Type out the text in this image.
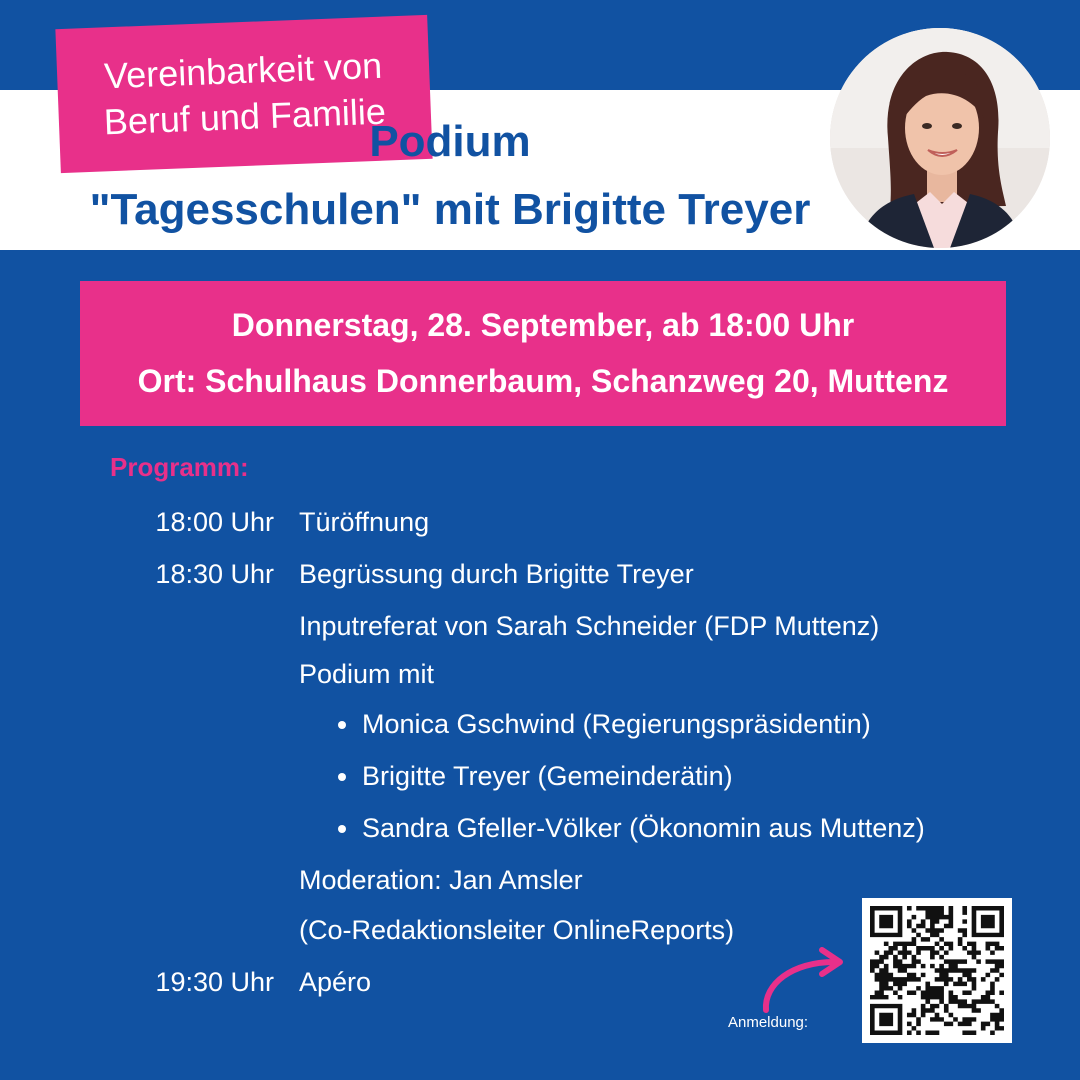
Vereinbarkeit von
Beruf und Familie
Podium
"Tagesschulen" mit Brigitte Treyer
Donnerstag, 28. September, ab 18:00 Uhr
Ort: Schulhaus Donnerbaum, Schanzweg 20, Muttenz
Programm:
18:00 Uhr Türöffnung
18:30 Uhr Begrüssung durch Brigitte Treyer
Inputreferat von Sarah Schneider (FDP Muttenz)
Podium mit
Monica Gschwind (Regierungspräsidentin)
Brigitte Treyer (Gemeinderätin)
Sandra Gfeller-Völker (Ökonomin aus Muttenz)
Moderation: Jan Amsler
(Co-Redaktionsleiter OnlineReports)
19:30 Uhr Apéro
Anmeldung:
